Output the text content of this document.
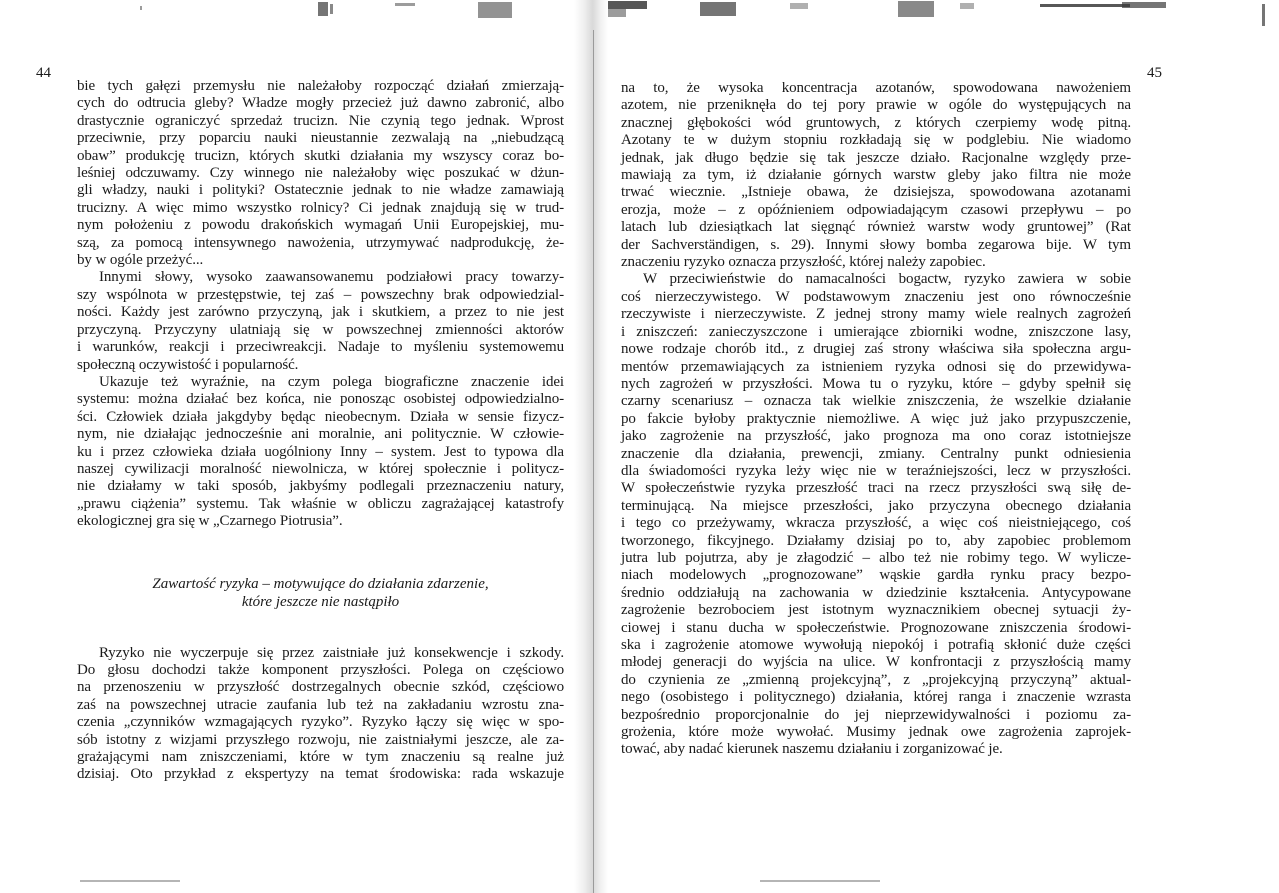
44	45

bie tych gałęzi przemysłu nie należałoby rozpocząć działań zmierzają-
cych do odtrucia gleby? Władze mogły przecież już dawno zabronić, albo
drastycznie ograniczyć sprzedaż trucizn. Nie czynią tego jednak. Wprost
przeciwnie, przy poparciu nauki nieustannie zezwalają na „niebudzącą
obaw” produkcję trucizn, których skutki działania my wszyscy coraz bo-
leśniej odczuwamy. Czy winnego nie należałoby więc poszukać w dżun-
gli władzy, nauki i polityki? Ostatecznie jednak to nie władze zamawiają
trucizny. A więc mimo wszystko rolnicy? Ci jednak znajdują się w trud-
nym położeniu z powodu drakońskich wymagań Unii Europejskiej, mu-
szą, za pomocą intensywnego nawożenia, utrzymywać nadprodukcję, że-
by w ogóle przeżyć...

Innymi słowy, wysoko zaawansowanemu podziałowi pracy towarzy-
szy wspólnota w przestępstwie, tej zaś – powszechny brak odpowiedzial-
ności. Każdy jest zarówno przyczyną, jak i skutkiem, a przez to nie jest
przyczyną. Przyczyny ulatniają się w powszechnej zmienności aktorów
i warunków, reakcji i przeciwreakcji. Nadaje to myśleniu systemowemu
społeczną oczywistość i popularność.

Ukazuje też wyraźnie, na czym polega biograficzne znaczenie idei
systemu: można działać bez końca, nie ponosząc osobistej odpowiedzialno-
ści. Człowiek działa jakgdyby będąc nieobecnym. Działa w sensie fizycz-
nym, nie działając jednocześnie ani moralnie, ani politycznie. W człowie-
ku i przez człowieka działa uogólniony Inny – system. Jest to typowa dla
naszej cywilizacji moralność niewolnicza, w której społecznie i politycz-
nie działamy w taki sposób, jakbyśmy podlegali przeznaczeniu natury,
„prawu ciążenia” systemu. Tak właśnie w obliczu zagrażającej katastrofy
ekologicznej gra się w „Czarnego Piotrusia”.

Zawartość ryzyka – motywujące do działania zdarzenie,
które jeszcze nie nastąpiło

Ryzyko nie wyczerpuje się przez zaistniałe już konsekwencje i szkody.
Do głosu dochodzi także komponent przyszłości. Polega on częściowo
na przenoszeniu w przyszłość dostrzegalnych obecnie szkód, częściowo
zaś na powszechnej utracie zaufania lub też na zakładaniu wzrostu zna-
czenia „czynników wzmagających ryzyko”. Ryzyko łączy się więc w spo-
sób istotny z wizjami przyszłego rozwoju, nie zaistniałymi jeszcze, ale za-
grażającymi nam zniszczeniami, które w tym znaczeniu są realne już
dzisiaj. Oto przykład z ekspertyzy na temat środowiska: rada wskazuje

na to, że wysoka koncentracja azotanów, spowodowana nawożeniem
azotem, nie przeniknęła do tej pory prawie w ogóle do występujących na
znacznej głębokości wód gruntowych, z których czerpiemy wodę pitną.
Azotany te w dużym stopniu rozkładają się w podglebiu. Nie wiadomo
jednak, jak długo będzie się tak jeszcze działo. Racjonalne względy prze-
mawiają za tym, iż działanie górnych warstw gleby jako filtra nie może
trwać wiecznie. „Istnieje obawa, że dzisiejsza, spowodowana azotanami
erozja, może – z opóźnieniem odpowiadającym czasowi przepływu – po
latach lub dziesiątkach lat sięgnąć również warstw wody gruntowej” (Rat
der Sachverständigen, s. 29). Innymi słowy bomba zegarowa bije. W tym
znaczeniu ryzyko oznacza przyszłość, której należy zapobiec.

W przeciwieństwie do namacalności bogactw, ryzyko zawiera w sobie
coś nierzeczywistego. W podstawowym znaczeniu jest ono równocześnie
rzeczywiste i nierzeczywiste. Z jednej strony mamy wiele realnych zagrożeń
i zniszczeń: zanieczyszczone i umierające zbiorniki wodne, zniszczone lasy,
nowe rodzaje chorób itd., z drugiej zaś strony właściwa siła społeczna argu-
mentów przemawiających za istnieniem ryzyka odnosi się do przewidywa-
nych zagrożeń w przyszłości. Mowa tu o ryzyku, które – gdyby spełnił się
czarny scenariusz – oznacza tak wielkie zniszczenia, że wszelkie działanie
po fakcie byłoby praktycznie niemożliwe. A więc już jako przypuszczenie,
jako zagrożenie na przyszłość, jako prognoza ma ono coraz istotniejsze
znaczenie dla działania, prewencji, zmiany. Centralny punkt odniesienia
dla świadomości ryzyka leży więc nie w teraźniejszości, lecz w przyszłości.
W społeczeństwie ryzyka przeszłość traci na rzecz przyszłości swą siłę de-
terminującą. Na miejsce przeszłości, jako przyczyna obecnego działania
i tego co przeżywamy, wkracza przyszłość, a więc coś nieistniejącego, coś
tworzonego, fikcyjnego. Działamy dzisiaj po to, aby zapobiec problemom
jutra lub pojutrza, aby je złagodzić – albo też nie robimy tego. W wylicze-
niach modelowych „prognozowane” wąskie gardła rynku pracy bezpo-
średnio oddziałują na zachowania w dziedzinie kształcenia. Antycypowane
zagrożenie bezrobociem jest istotnym wyznacznikiem obecnej sytuacji ży-
ciowej i stanu ducha w społeczeństwie. Prognozowane zniszczenia środowi-
ska i zagrożenie atomowe wywołują niepokój i potrafią skłonić duże części
młodej generacji do wyjścia na ulice. W konfrontacji z przyszłością mamy
do czynienia ze „zmienną projekcyjną”, z „projekcyjną przyczyną” aktual-
nego (osobistego i politycznego) działania, której ranga i znaczenie wzrasta
bezpośrednio proporcjonalnie do jej nieprzewidywalności i poziomu za-
grożenia, które może wywołać. Musimy jednak owe zagrożenia zaprojek-
tować, aby nadać kierunek naszemu działaniu i zorganizować je.
